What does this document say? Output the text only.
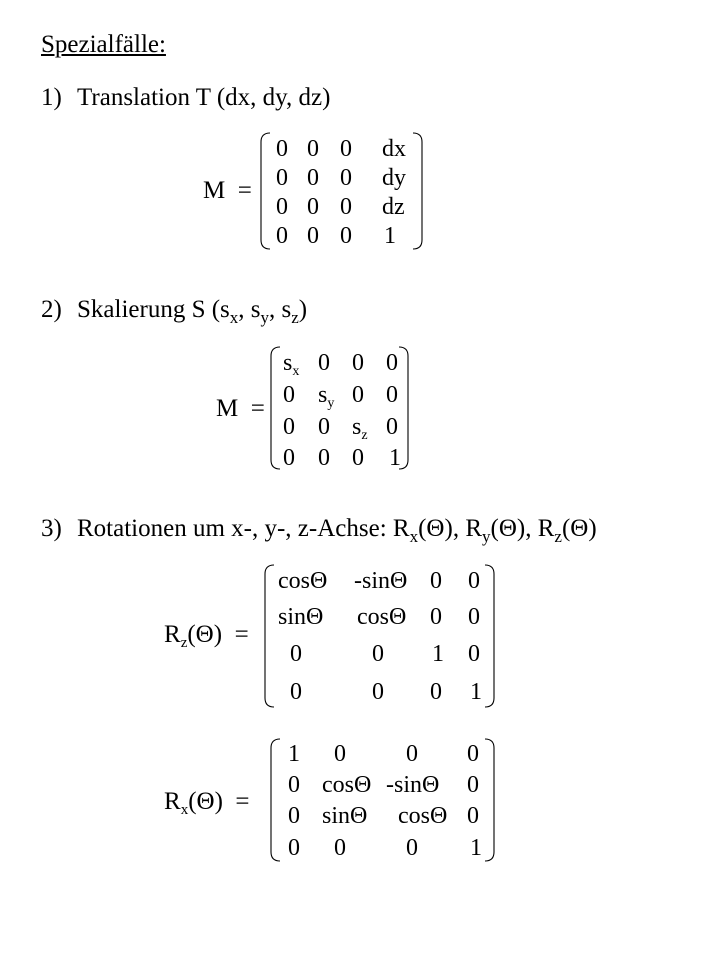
Spezialfälle:
1) Translation T (dx, dy, dz)
M =
0 0 0 dx
0 0 0 dy
0 0 0 dz
0 0 0 1
2) Skalierung S ($s_x$, $s_y$, $s_z$)
M =
$s_x$ 0 0 0
0 $s_y$ 0 0
0 0 $s_z$ 0
0 0 0 1
3) Rotationen um x-, y-, z-Achse: $R_x(\Theta)$, $R_y(\Theta)$, $R_z(\Theta)$
$R_z(\Theta)$ =
cosΘ -sinΘ 0 0
sinΘ cosΘ 0 0
0	0 1 0
0	0 0 1
$R_x(\Theta)$ =
1 0	0 0
0 cosΘ -sinΘ 0
0 sinΘ cosΘ 0
0 0	0 1
